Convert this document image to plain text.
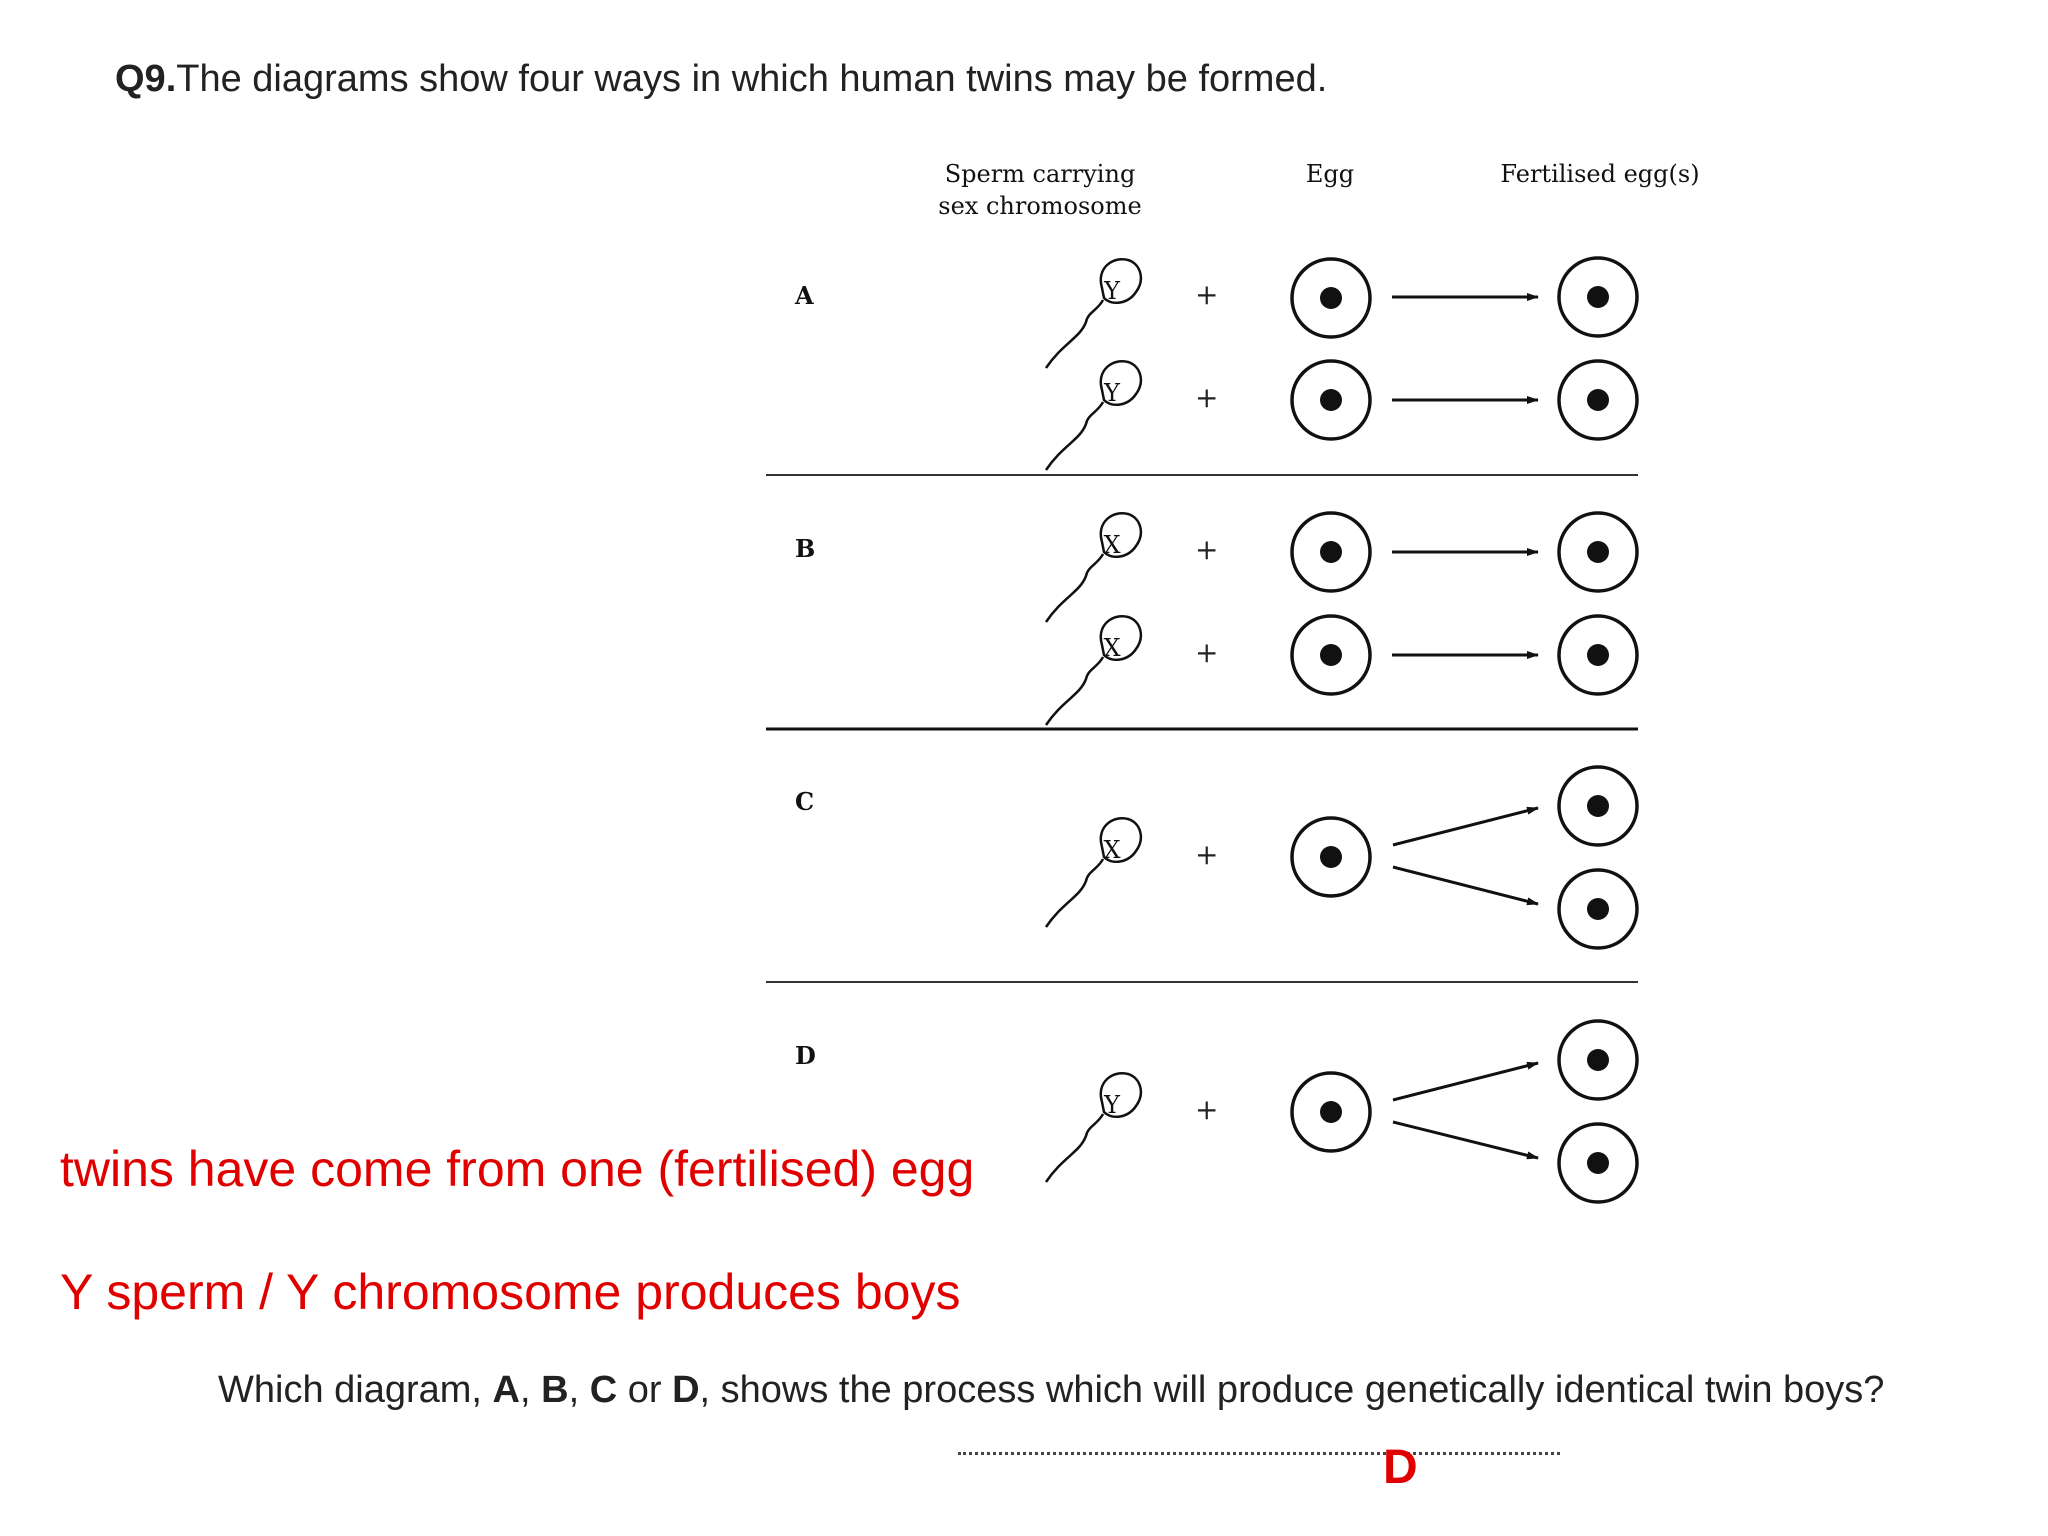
Q9.The diagrams show four ways in which human twins may be formed.
Sperm carrying
sex chromosome
Egg	Fertilised egg(s)
A
B
C
D
Y
Y
X
X
X
Y
+
+
+
+
+
+
twins have come from one (fertilised) egg
Y sperm / Y chromosome produces boys
Which diagram, A, B, C or D, shows the process which will produce genetically identical twin boys?
D
